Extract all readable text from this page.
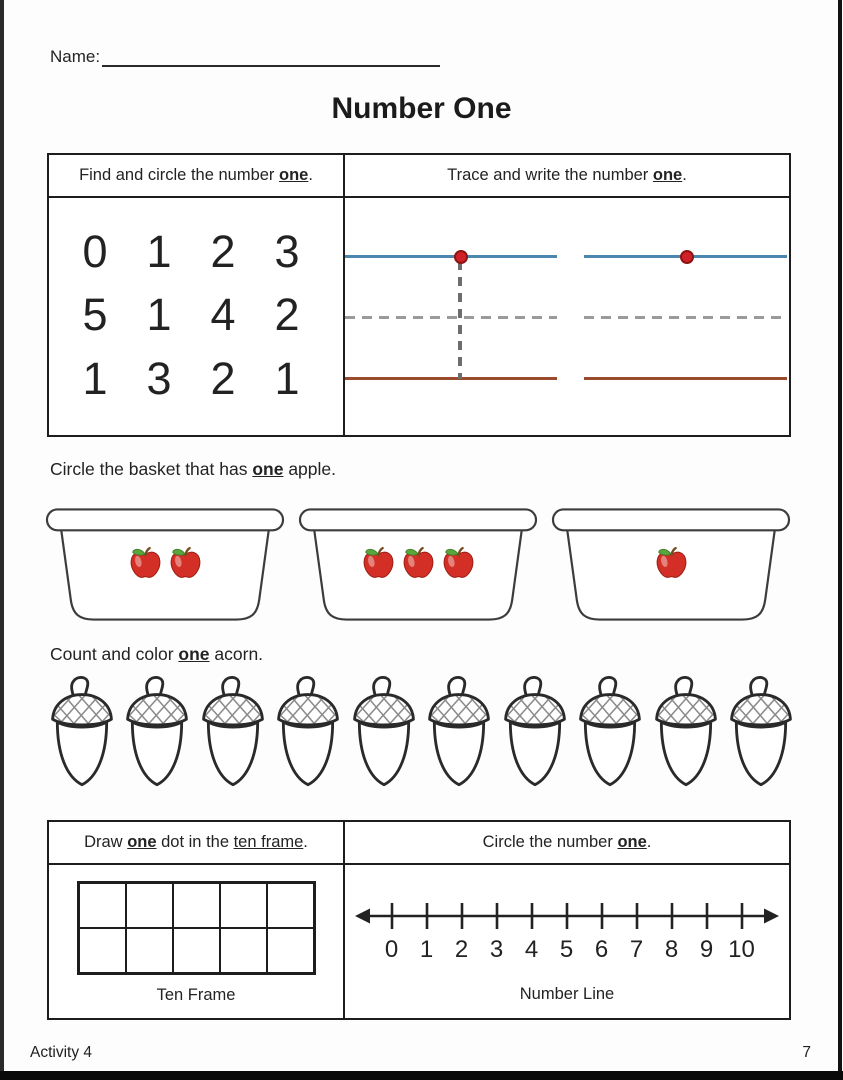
Name:
Number One
Find and circle the number one .	Trace and write the number one .
0 1 2 3
5 1 4 2
1 3 2 1
Circle the basket that has one apple.
Count and color one acorn.
Draw one dot in the ten frame .	Circle the number one .
Ten Frame
0 1 2 3 4 5 6 7 8 9 10
Number Line
Activity 4	7
